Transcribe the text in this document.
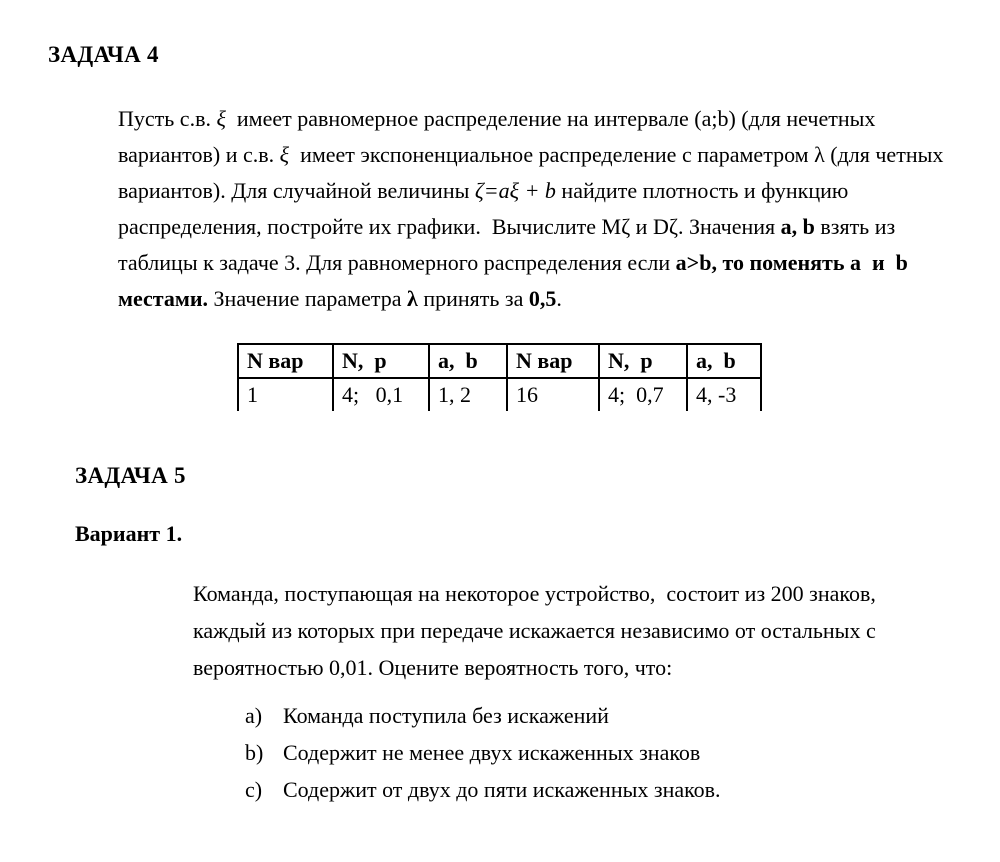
ЗАДАЧА 4

Пусть с.в. ξ  имеет равномерное распределение на интервале (a;b) (для нечетных вариантов) и с.в. ξ  имеет экспоненциальное распределение с параметром λ (для четных вариантов). Для случайной величины ζ=aξ + b найдите плотность и функцию распределения, постройте их графики.  Вычислите Mζ и Dζ. Значения a, b взять из таблицы к задаче 3. Для равномерного распределения если a>b, то поменять a  и  b местами. Значение параметра λ принять за 0,5.

N вар	N,  p	a,  b	N вар	N,  p	a,  b
1	4;   0,1	1, 2	16	4;  0,7	4, -3
ЗАДАЧА 5

Вариант 1.

Команда, поступающая на некоторое устройство,  состоит из 200 знаков, каждый из которых при передаче искажается независимо от остальных с вероятностью 0,01. Оцените вероятность того, что:

a) Команда поступила без искажений
b) Содержит не менее двух искаженных знаков
c) Содержит от двух до пяти искаженных знаков.
